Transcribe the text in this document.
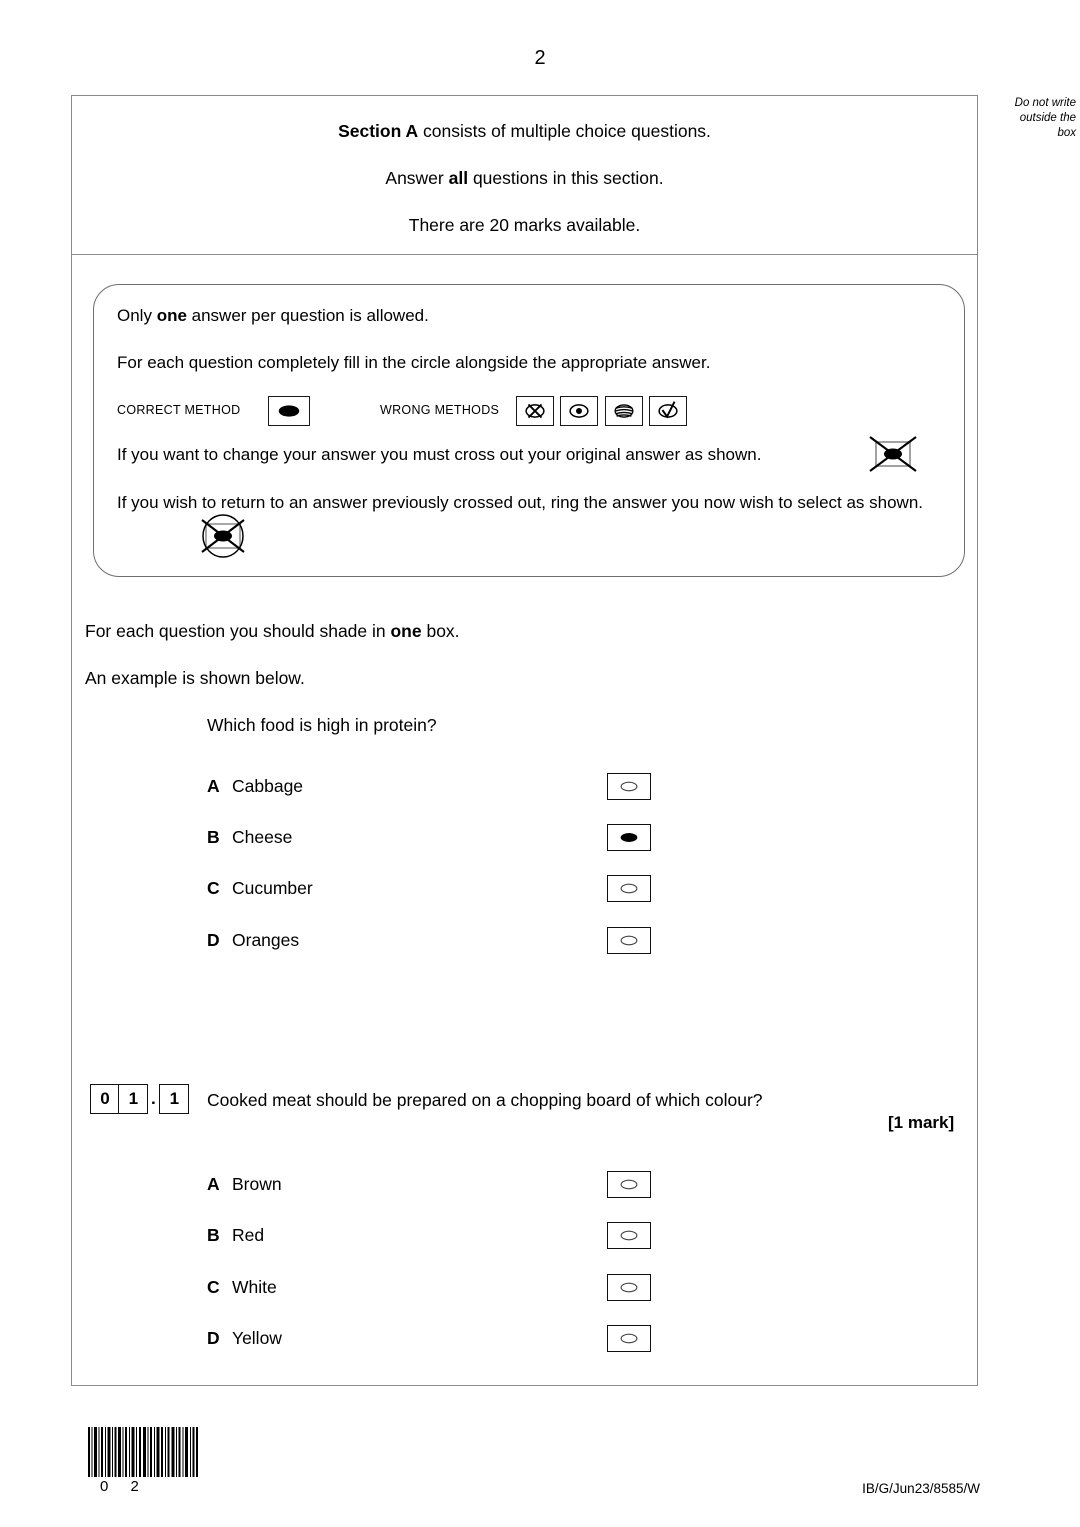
2
Do not write
outside the
box
Section A consists of multiple choice questions.
Answer all questions in this section.
There are 20 marks available.
Only one answer per question is allowed.
For each question completely fill in the circle alongside the appropriate answer.
CORRECT METHOD	WRONG METHODS

If you want to change your answer you must cross out your original answer as shown.
If you wish to return to an answer previously crossed out, ring the answer you now wish to select as shown.
For each question you should shade in one box.
An example is shown below.
Which food is high in protein?
A Cabbage
B Cheese
C Cucumber
D Oranges
0	1 . 1	Cooked meat should be prepared on a chopping board of which colour?
[1 mark]
A Brown
B Red
C White
D Yellow
0 2	IB/G/Jun23/8585/W
